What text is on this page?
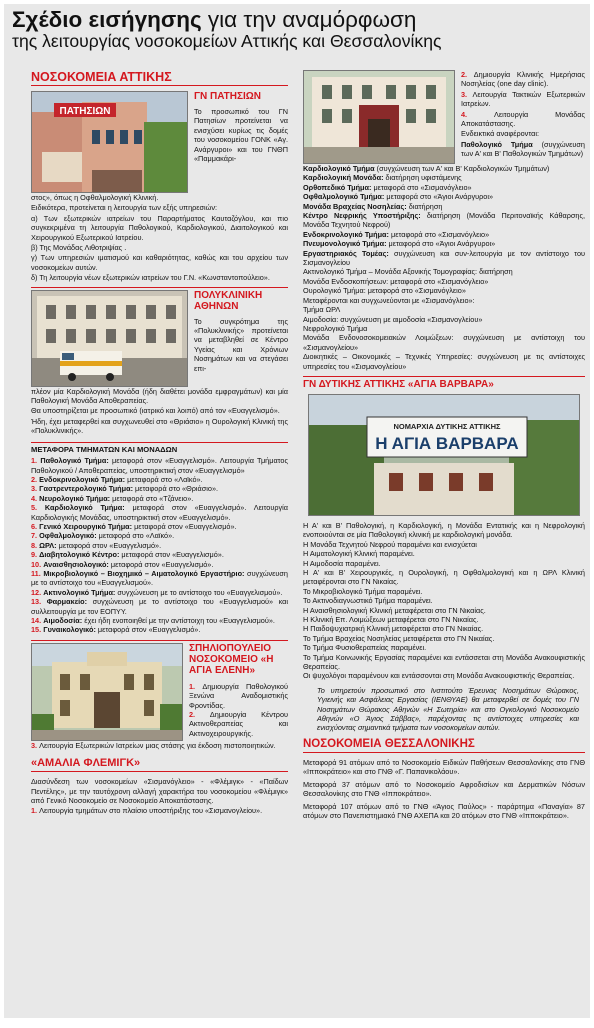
Σχέδιο εισήγησης για την αναμόρφωση
της λειτουργίας νοσοκομείων Αττικής και Θεσσαλονίκης
ΝΟΣΟΚΟΜΕΙΑ ΑΤΤΙΚΗΣ
ΠΑΤΗΣΙΩΝ
ΓΝ ΠΑΤΗΣΙΩΝ
Το προσωπικό του ΓΝ Πατησίων προτείνεται να ενισχύσει κυρίως τις δομές του νοσοκομείου ΓΟΝΚ «Αγ. Ανάργυροι» και του ΓΝΘΠ «Παμμακάρι-

στος», όπως η Οφθαλμολογική Κλινική.

Ειδικότερα, προτείνεται η λειτουργία των εξής υπηρεσιών:

α) Των εξωτερικών ιατρείων του Παραρτήματος Καυταζόγλου, και πιο συγκεκριμένα τη λειτουργία Παθολογικού, Καρδιολογικού, Διαιτολογικού και Χειρουργικού Εξωτερικού Ιατρείου.

β) Της Μονάδας Λιθοτριψίας .

γ) Των υπηρεσιών ιματισμού και καθαριότητας, καθώς και του αρχείου των νοσοκομείων αυτών.

δ) Τη λειτουργία νέων εξωτερικών ιατρείων του Γ.Ν. «Κωνσταντοπούλειο».

ΠΟΛΥΚΛΙΝΙΚΗ
ΑΘΗΝΩΝ
Το συγκρότημα της «Πολυκλινικής» προτείνεται να μεταβληθεί σε Κέντρο Υγείας και Χρόνιων Νοσημάτων και να στεγάσει επι-

πλέον μία Καρδιολογική Μονάδα (ήδη διαθέτει μονάδα εμφραγμάτων) και μία Παθολογική Μονάδα Αποθεραπείας.

Θα υποστηρίζεται με προσωπικό (ιατρικό και λοιπό) από τον «Ευαγγελισμό».

Ήδη, έχει μεταφερθεί και συγχωνευθεί στο «Θριάσιο» η Ουρολογική Κλινική της «Πολυκλινικής».

ΜΕΤΑΦΟΡΑ ΤΜΗΜΑΤΩΝ ΚΑΙ ΜΟΝΑΔΩΝ
1. Παθολογικό Τμήμα: μεταφορά στον «Ευαγγελισμό». Λειτουργία Τμήματος Παθολογικού / Αποθεραπείας, υποστηρικτική στον «Ευαγγελισμό»
2. Ενδοκρινολογικό Τμήμα: μεταφορά στο «Λαϊκό».
3. Γαστρεντερολογικό Τμήμα: μεταφορά στο «Θριάσιο».
4. Νευρολογικό Τμήμα: μεταφορά στο «Τζάνειο».
5. Καρδιολογικό Τμήμα: μεταφορά στον «Ευαγγελισμό». Λειτουργία Καρδιολογικής Μονάδας, υποστηρικτική στον «Ευαγγελισμό».
6. Γενικό Χειρουργικό Τμήμα: μεταφορά στον «Ευαγγελισμό».
7. Οφθαλμολογικό: μεταφορά στο «Λαϊκό».
8. ΩΡΛ: μεταφορά στον «Ευαγγελισμό».
9. Διαβητολογικό Κέντρο: μεταφορά στον «Ευαγγελισμό».
10. Αναισθησιολογικό: μεταφορά στον «Ευαγγελισμό».
11. Μικροβιολογικό – Βιοχημικό – Αιματολογικό Εργαστήριο: συγχώνευση με το αντίστοιχο του «Ευαγγελισμού».
12. Ακτινολογικό Τμήμα: συγχώνευση με το αντίστοιχο του «Ευαγγελισμού».
13. Φαρμακείο: συγχώνευση με το αντίστοιχο του «Ευαγγελισμού» και συλλειτουργία με τον ΕΟΠΥΥ.
14. Αιμοδοσία: έχει ήδη ενοποιηθεί με την αντίστοιχη του «Ευαγγελισμού».
15. Γυναικολογικό: μεταφορά στον «Ευαγγελισμό».
ΣΠΗΛΙΟΠΟΥΛΕΙΟ
ΝΟΣΟΚΟΜΕΙΟ «Η
ΑΓΙΑ ΕΛΕΝΗ»
1. Δημιουργία Παθολογικού Ξενώνα Αναδομιστικής Φροντίδας.
2. Δημιουργία Κέντρου Ακτινοθεραπείας και Ακτινοχειρουργικής.
3. Λειτουργία Εξωτερικών Ιατρείων μιας στάσης για έκδοση πιστοποιητικών.
«ΑΜΑΛΙΑ ΦΛΕΜΙΓΚ»

Διασύνδεση των νοσοκομείων «Σισμανόγλειο» - «Φλέμιγκ» - «Παίδων Πεντέλης», με την ταυτόχρονη αλλαγή χαρακτήρα του νοσοκομείου «Φλέμιγκ» από Γενικό Νοσοκομείο σε Νοσοκομείο Αποκατάστασης.

1. Λειτουργία τμημάτων στο πλαίσιο υποστήριξης του «Σισμανογλείου».

2. Δημιουργία Κλινικής Ημερήσιας Νοσηλείας (one day clinic).

3. Λειτουργία Τακτικών Εξωτερικών Ιατρείων.

4. Λειτουργία Μονάδας Αποκατάστασης.

Ενδεικτικά αναφέρονται:

Παθολογικό Τμήμα (συγχώνευση των Α' και Β' Παθολογικών Τμημάτων)

Καρδιολογικό Τμήμα (συγχώνευση των Α' και Β' Καρδιολογικών Τμημάτων)

Καρδιολογική Μονάδα: διατήρηση υφιστάμενης

Ορθοπεδικό Τμήμα: μεταφορά στο «Σισμανόγλειο»

Οφθαλμολογικό Τμήμα: μεταφορά στο «Άγιοι Ανάργυροι»

Μονάδα Βραχείας Νοσηλείας: διατήρηση

Κέντρο Νεφρικής Υποστήριξης: διατήρηση (Μονάδα Περιτοναϊκής Κάθαρσης, Μονάδα Τεχνητού Νεφρού)

Ενδοκρινολογικό Τμήμα: μεταφορά στο «Σισμανόγλειο»

Πνευμονολογικό Τμήμα: μεταφορά στο «Άγιοι Ανάργυροι»

Εργαστηριακός Τομέας: συγχώνευση και συν-λειτουργία με τον αντίστοιχο του Σισμανογλείου

Ακτινολογικό Τμήμα – Μονάδα Αξονικής Τομογραφίας: διατήρηση

Μονάδα Ενδοσκοπήσεων: μεταφορά στο «Σισμανόγλειο»

Ουρολογικό Τμήμα: μεταφορά στο «Σισμανόγλειο»

Μεταφέρονται και συγχωνεύονται με «Σισμανόγλειο»:

Τμήμα ΩΡΛ

Αιμοδοσία: συγχώνευση με αιμοδοσία «Σισμανογλείου»

Νεφρολογικό Τμήμα

Μονάδα Ενδονοσοκομειακών Λοιμώξεων: συγχώνευση με αντίστοιχη του «Σισμανογλείου»

Διοικητικές – Οικονομικές – Τεχνικές Υπηρεσίες: συγχώνευση με τις αντίστοιχες υπηρεσίες του «Σισμανογλείου»

ΓΝ ΔΥΤΙΚΗΣ ΑΤΤΙΚΗΣ «ΑΓΙΑ ΒΑΡΒΑΡΑ»
ΝΟΜΑΡΧΙΑ ΔΥΤΙΚΗΣ ΑΤΤΙΚΗΣ
Η ΑΓΙΑ ΒΑΡΒΑΡΑ

Η Α' και Β' Παθολογική, η Καρδιολογική, η Μονάδα Εντατικής και η Νεφρολογική ενοποιούνται σε μία Παθολογική κλινική με καρδιολογική μονάδα.

Η Μονάδα Τεχνητού Νεφρού παραμένει και ενισχύεται

Η Αιματολογική Κλινική παραμένει.

Η Αιμοδοσία παραμένει.

Η Α' και Β' Χειρουργικές, η Ουρολογική, η Οφθαλμολογική και η ΩΡΛ Κλινική μεταφέρονται στο ΓΝ Νικαίας.

Το Μικροβιολογικό Τμήμα παραμένει.

Το Ακτινοδιαγνωστικό Τμήμα παραμένει.

Η Αναισθησιολογική Κλινική μεταφέρεται στο ΓΝ Νικαίας.

Η Κλινική Επ. Λοιμώξεων μεταφέρεται στο ΓΝ Νικαίας.

Η Παιδοψυχιατρική Κλινική μεταφέρεται στο ΓΝ Νικαίας.

Το Τμήμα Βραχείας Νοσηλείας μεταφέρεται στο ΓΝ Νικαίας.

Το Τμήμα Φυσιοθεραπείας παραμένει.

Το Τμήμα Κοινωνικής Εργασίας παραμένει και εντάσσεται στη Μονάδα Ανακουφιστικής Θεραπείας.

Οι ψυχολόγοι παραμένουν και εντάσσονται στη Μονάδα Ανακουφιστικής Θεραπείας.

Το υπηρετούν προσωπικό στο Ινστιτούτο Έρευνας Νοσημάτων Θώρακος, Υγιεινής και Ασφάλειας Εργασίας (ΙΕΝΘΥΑΕ) θα μεταφερθεί σε δομές του ΓΝ Νοσημάτων Θώρακος Αθηνών «Η Σωτηρία» και στο Ογκολογικό Νοσοκομείο Αθηνών «Ο Άγιος Σάββας», παρέχοντας τις αντίστοιχες υπηρεσίες και ενισχύοντας σημαντικά τμήματα των νοσοκομείων αυτών.
ΝΟΣΟΚΟΜΕΙΑ ΘΕΣΣΑΛΟΝΙΚΗΣ

Μεταφορά 91 ατόμων από το Νοσοκομείο Ειδικών Παθήσεων Θεσσαλονίκης στο ΓΝΘ «Ιπποκράτειο» και στο ΓΝΘ «Γ. Παπανικολάου».

Μεταφορά 37 ατόμων από το Νοσοκομείο Αφροδισίων και Δερματικών Νόσων Θεσσαλονίκης στο ΓΝΘ «Ιπποκράτειο».

Μεταφορά 107 ατόμων από το ΓΝΘ «Άγιος Παύλος» - παράρτημα «Παναγία» 87 ατόμων στο Πανεπιστημιακό ΓΝΘ ΑΧΕΠΑ και 20 ατόμων στο ΓΝΘ «Ιπποκράτειο».
